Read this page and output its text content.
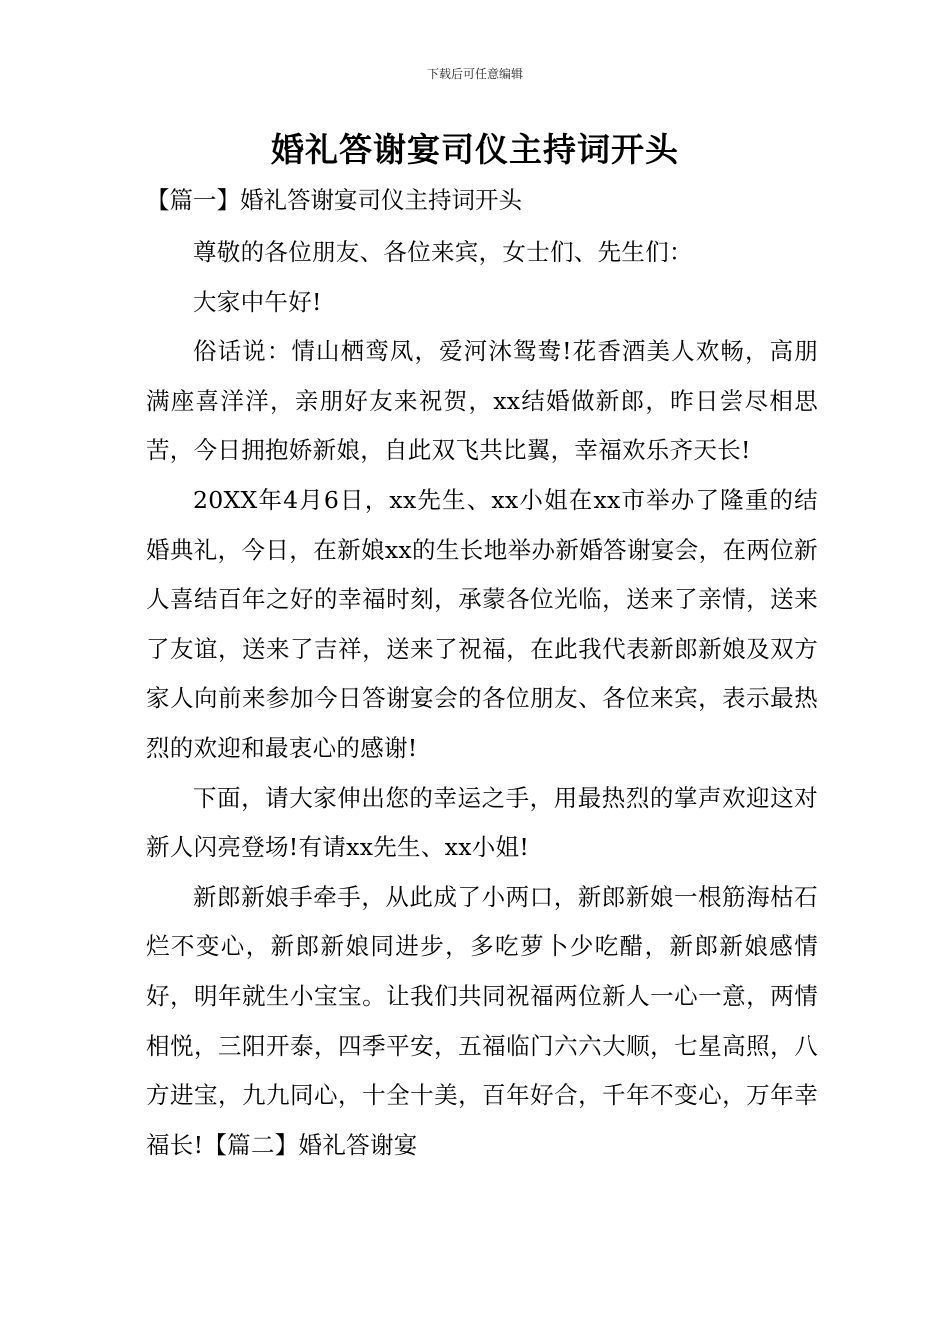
下载后可任意编辑
婚礼答谢宴司仪主持词开头
【篇一】婚礼答谢宴司仪主持词开头

尊敬的各位朋友、各位来宾，女士们、先生们：

大家中午好!

俗话说：情山栖鸾凤，爱河沐鸳鸯!花香酒美人欢畅，高朋满座喜洋洋，亲朋好友来祝贺，xx结婚做新郎，昨日尝尽相思苦，今日拥抱娇新娘，自此双飞共比翼，幸福欢乐齐天长!

20XX年4月6日，xx先生、xx小姐在xx市举办了隆重的结婚典礼，今日，在新娘xx的生长地举办新婚答谢宴会，在两位新人喜结百年之好的幸福时刻，承蒙各位光临，送来了亲情，送来了友谊，送来了吉祥，送来了祝福，在此我代表新郎新娘及双方家人向前来参加今日答谢宴会的各位朋友、各位来宾，表示最热烈的欢迎和最衷心的感谢!

下面，请大家伸出您的幸运之手，用最热烈的掌声欢迎这对新人闪亮登场!有请xx先生、xx小姐!

新郎新娘手牵手，从此成了小两口，新郎新娘一根筋海枯石烂不变心，新郎新娘同进步，多吃萝卜少吃醋，新郎新娘感情好，明年就生小宝宝。让我们共同祝福两位新人一心一意，两情相悦，三阳开泰，四季平安，五福临门六六大顺，七星高照，八方进宝，九九同心，十全十美，百年好合，千年不变心，万年幸福长!【篇二】婚礼答谢宴
